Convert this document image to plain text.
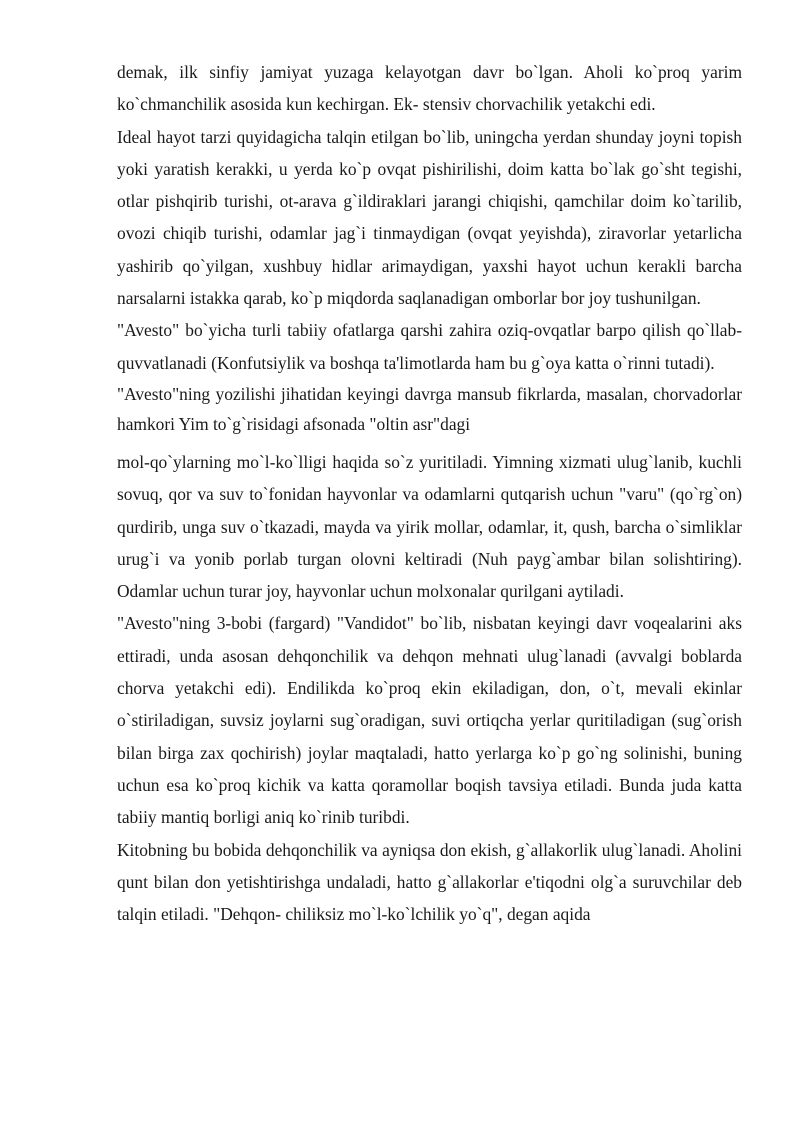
demak, ilk sinfiy jamiyat yuzaga kelayotgan davr bo`lgan. Aholi ko`proq yarim ko`chmanchilik asosida kun kechirgan. Ek- stensiv chorvachilik yetakchi edi.

Ideal hayot tarzi quyidagicha talqin etilgan bo`lib, uningcha yerdan shunday joyni topish yoki yaratish kerakki, u yerda ko`p ovqat pishirilishi, doim katta bo`lak go`sht tegishi, otlar pishqirib turishi, ot-arava g`ildiraklari jarangi chiqishi, qamchilar doim ko`tarilib, ovozi chiqib turishi, odamlar jag`i tinmaydigan (ovqat yeyishda), ziravorlar yetarlicha yashirib qo`yilgan, xushbuy hidlar arimaydigan, yaxshi hayot uchun kerakli barcha narsalarni istakka qarab, ko`p miqdorda saqlanadigan omborlar bor joy tushunilgan.

"Avesto" bo`yicha turli tabiiy ofatlarga qarshi zahira oziq-ovqatlar barpo qilish qo`llab-quvvatlanadi (Konfutsiylik va boshqa ta'limotlarda ham bu g`oya katta o`rinni tutadi).

"Avesto"ning yozilishi jihatidan keyingi davrga mansub fikrlarda, masalan, chorvadorlar hamkori Yim to`g`risidagi afsonada "oltin asr"dagi

mol-qo`ylarning mo`l-ko`lligi haqida so`z yuritiladi. Yimning xizmati ulug`lanib, kuchli sovuq, qor va suv to`fonidan hayvonlar va odamlarni qutqarish uchun "varu" (qo`rg`on) qurdirib, unga suv o`tkazadi, mayda va yirik mollar, odamlar, it, qush, barcha o`simliklar urug`i va yonib porlab turgan olovni keltiradi (Nuh payg`ambar bilan solishtiring). Odamlar uchun turar joy, hayvonlar uchun molxonalar qurilgani aytiladi.

"Avesto"ning 3-bobi (fargard) "Vandidot" bo`lib, nisbatan keyingi davr voqealarini aks ettiradi, unda asosan dehqonchilik va dehqon mehnati ulug`lanadi (avvalgi boblarda chorva yetakchi edi). Endilikda ko`proq ekin ekiladigan, don, o`t, mevali ekinlar o`stiriladigan, suvsiz joylarni sug`oradigan, suvi ortiqcha yerlar quritiladigan (sug`orish bilan birga zax qochirish) joylar maqtaladi, hatto yerlarga ko`p go`ng solinishi, buning uchun esa ko`proq kichik va katta qoramollar boqish tavsiya etiladi. Bunda juda katta tabiiy mantiq borligi aniq ko`rinib turibdi.

Kitobning bu bobida dehqonchilik va ayniqsa don ekish, g`allakorlik ulug`lanadi. Aholini qunt bilan don yetishtirishga undaladi, hatto g`allakorlar e'tiqodni olg`a suruvchilar deb talqin etiladi. "Dehqon- chiliksiz mo`l-ko`lchilik yo`q", degan aqida
